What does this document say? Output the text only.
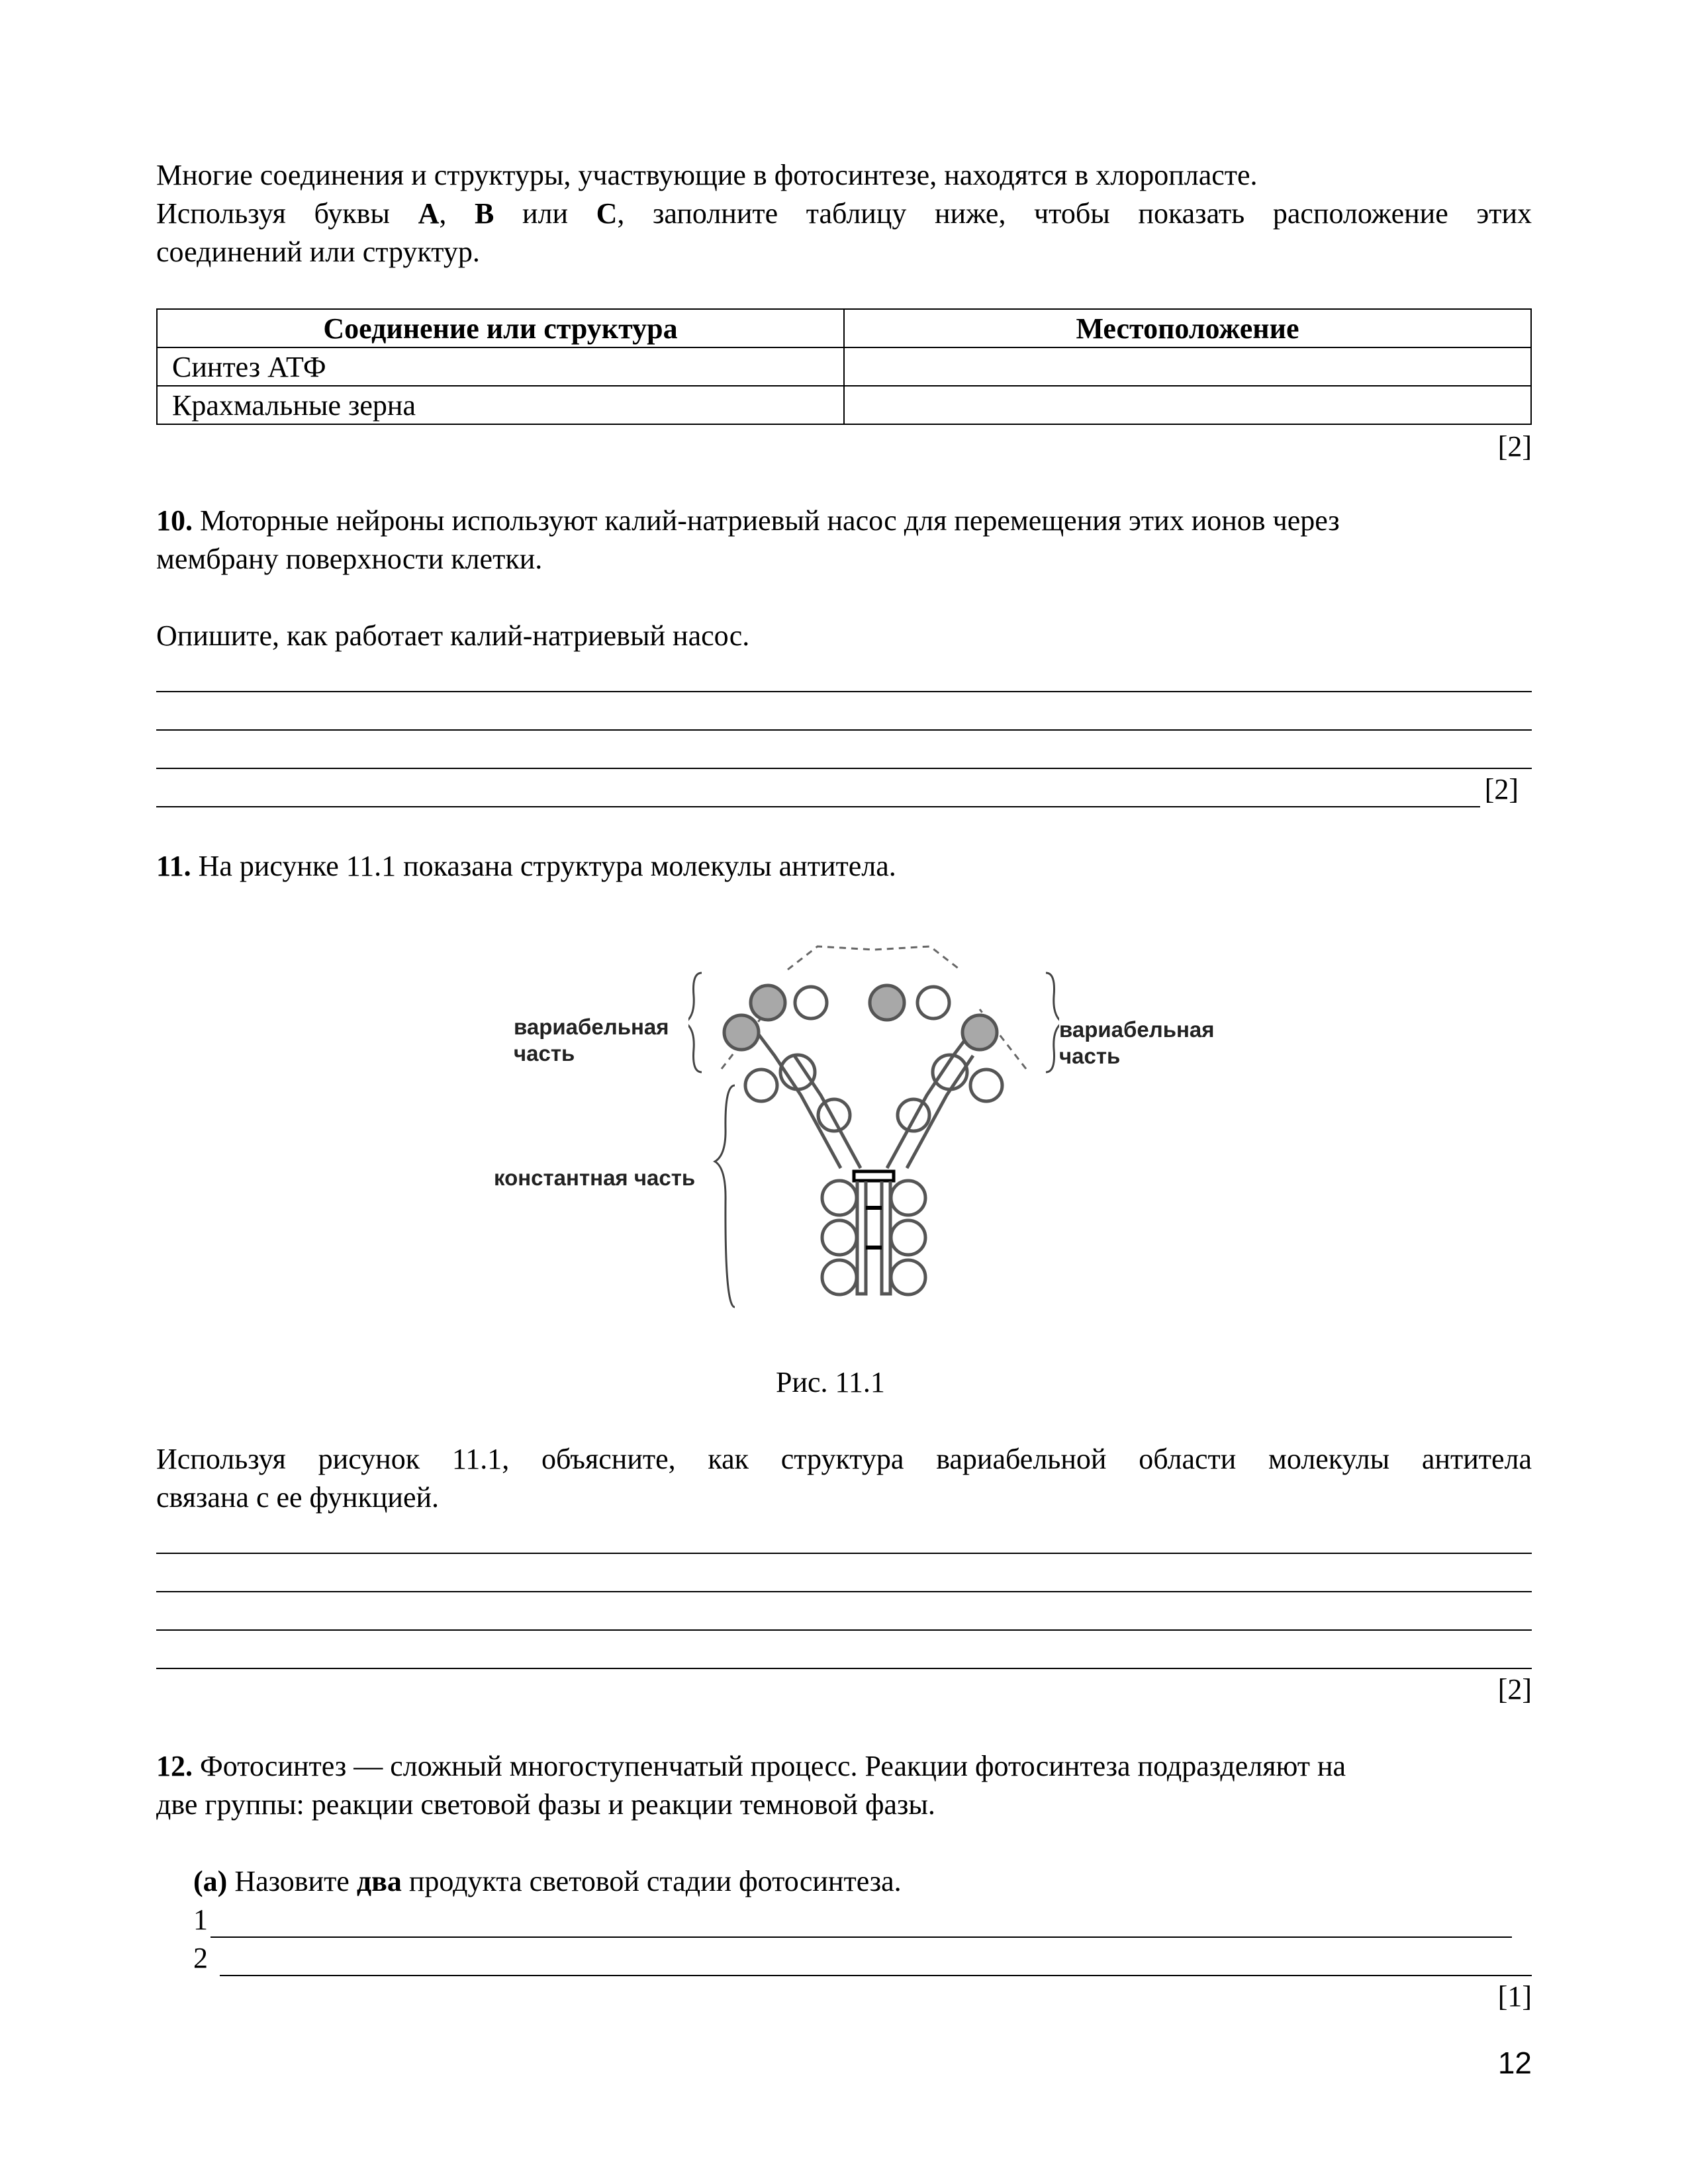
Многие соединения и структуры, участвующие в фотосинтезе, находятся в хлоропласте.
Используя буквы A, B или C, заполните таблицу ниже, чтобы показать расположение этих
соединений или структур.
Соединение или структура	Местоположение
Синтез АТФ	
Крахмальные зерна	
[2]
10. Моторные нейроны используют калий-натриевый насос для перемещения этих ионов через
мембрану поверхности клетки.
Опишите, как работает калий-натриевый насос.
[2]
11. На рисунке 11.1 показана структура молекулы антитела.
вариабельная
часть
вариабельная
часть
константная часть
Рис. 11.1
Используя рисунок 11.1, объясните, как структура вариабельной области молекулы антитела
связана с ее функцией.
[2]
12. Фотосинтез — сложный многоступенчатый процесс. Реакции фотосинтеза подразделяют на
две группы: реакции световой фазы и реакции темновой фазы.
(a) Назовите два продукта световой стадии фотосинтеза.
1
2
[1]
12
